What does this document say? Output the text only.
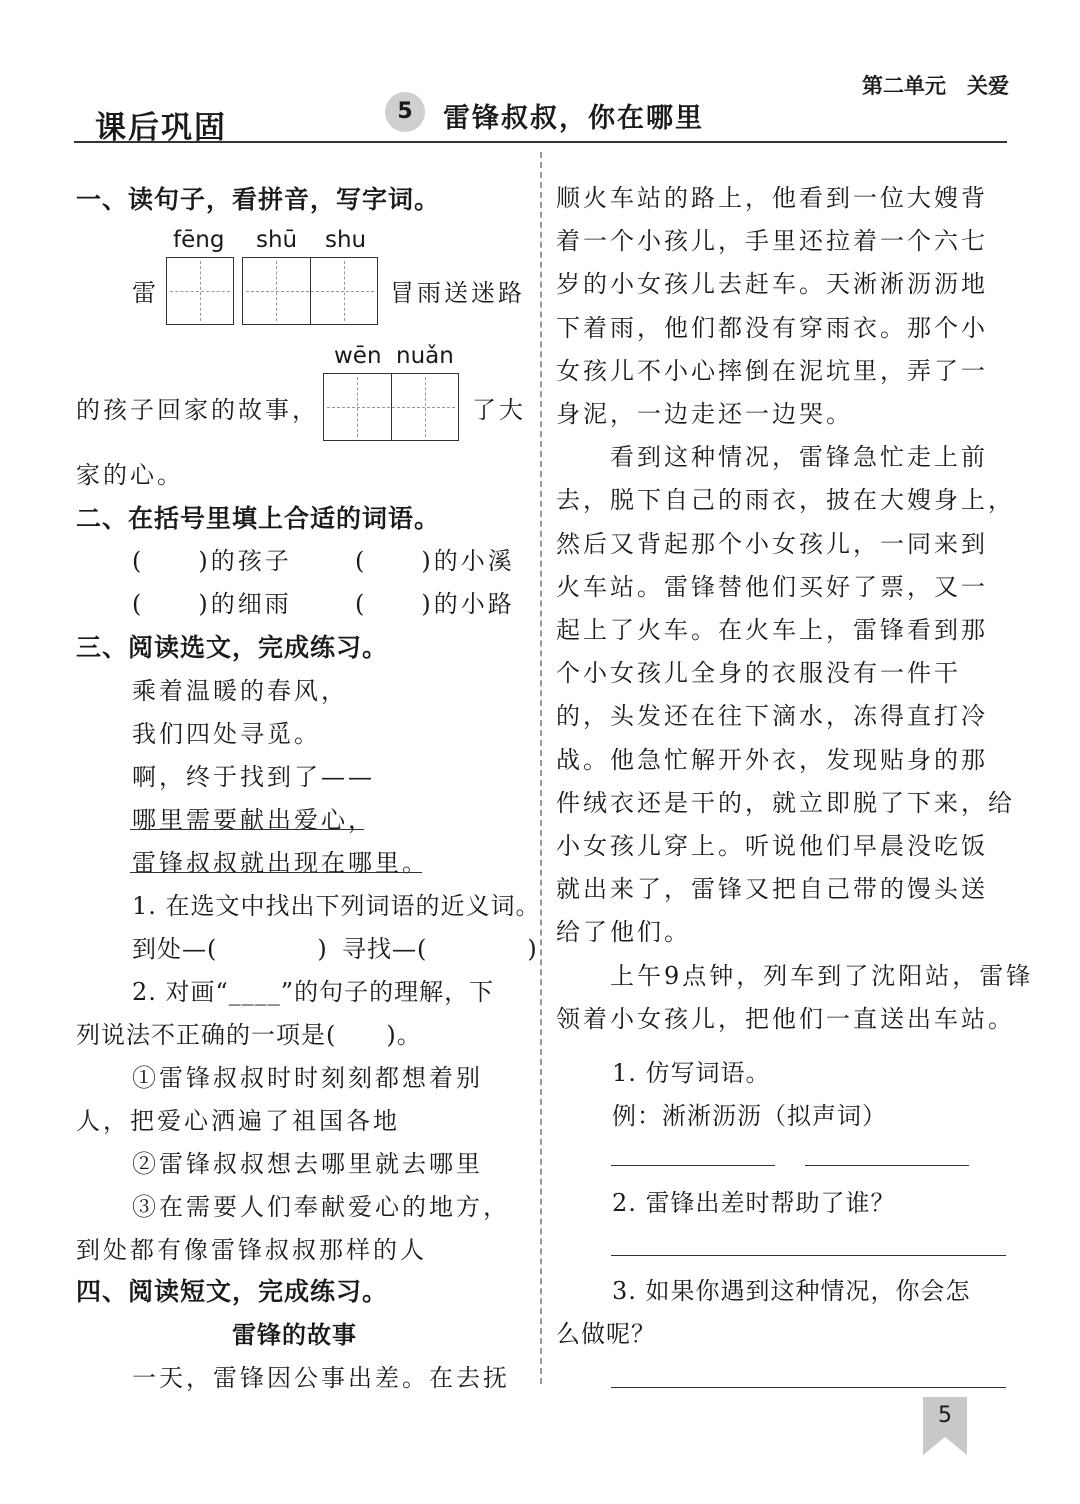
第二单元　关爱
课后巩固	5	雷锋叔叔，你在哪里
一、读句子，看拼音，写字词。
fēng shū shu
雷	冒雨送迷路
wēn nuǎn
的孩子回家的故事，	了大
家的心。
二、在括号里填上合适的词语。
(　　)的孩子	(　　)的小溪
(　　)的细雨	(　　)的小路
三、阅读选文，完成练习。
乘着温暖的春风，
我们四处寻觅。
啊，终于找到了——
哪里需要献出爱心，
雷锋叔叔就出现在哪里。
1. 在选文中找出下列词语的近义词。
到处—(　　　　) 寻找—(　　　　)
2. 对画“____”的句子的理解，下
列说法不正确的一项是(　　)。
①雷锋叔叔时时刻刻都想着别
人，把爱心洒遍了祖国各地
②雷锋叔叔想去哪里就去哪里
③在需要人们奉献爱心的地方，
到处都有像雷锋叔叔那样的人
四、阅读短文，完成练习。
雷锋的故事
一天，雷锋因公事出差。在去抚
顺火车站的路上，他看到一位大嫂背
着一个小孩儿，手里还拉着一个六七
岁的小女孩儿去赶车。天淅淅沥沥地
下着雨，他们都没有穿雨衣。那个小
女孩儿不小心摔倒在泥坑里，弄了一
身泥，一边走还一边哭。
　　看到这种情况，雷锋急忙走上前
去，脱下自己的雨衣，披在大嫂身上，
然后又背起那个小女孩儿，一同来到
火车站。雷锋替他们买好了票，又一
起上了火车。在火车上，雷锋看到那
个小女孩儿全身的衣服没有一件干
的，头发还在往下滴水，冻得直打冷
战。他急忙解开外衣，发现贴身的那
件绒衣还是干的，就立即脱了下来，给
小女孩儿穿上。听说他们早晨没吃饭
就出来了，雷锋又把自己带的馒头送
给了他们。
　　上午9点钟，列车到了沈阳站，雷锋
领着小女孩儿，把他们一直送出车站。
1. 仿写词语。
例：淅淅沥沥（拟声词）
2. 雷锋出差时帮助了谁？
3. 如果你遇到这种情况，你会怎
么做呢？
5
